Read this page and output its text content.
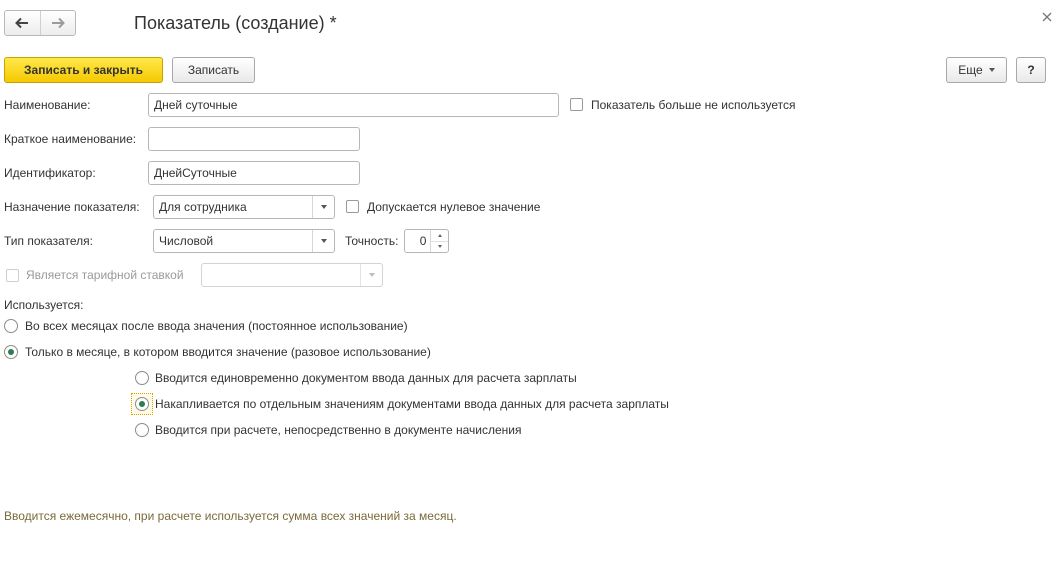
Показатель (создание) *
Записать и закрыть	Записать	Еще	?
Наименование:	Дней суточные	Показатель больше не используется
Краткое наименование:
Идентификатор:	ДнейСуточные
Назначение показателя:	Для сотрудника	Допускается нулевое значение
Тип показателя:	Числовой	Точность:	0
Является тарифной ставкой
Используется:
Во всех месяцах после ввода значения (постоянное использование)
Только в месяце, в котором вводится значение (разовое использование)
Вводится единовременно документом ввода данных для расчета зарплаты
Накапливается по отдельным значениям документами ввода данных для расчета зарплаты
Вводится при расчете, непосредственно в документе начисления
Вводится ежемесячно, при расчете используется сумма всех значений за месяц.
